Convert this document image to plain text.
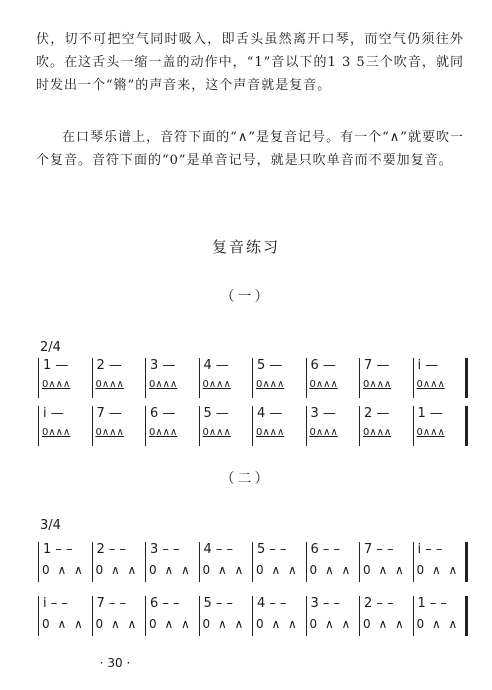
伏，切不可把空气同时吸入，即舌头虽然离开口琴，而空气仍须往外吹。在这舌头一缩一盖的动作中，“1”音以下的1 3 5三个吹音，就同时发出一个“锵”的声音来，这个声音就是复音。

在口琴乐谱上，音符下面的“∧”是复音记号。有一个“∧”就要吹一个复音。音符下面的“0”是单音记号，就是只吹单音而不要加复音。

复音练习
（一）
2/4
1 —
0∧∧∧
2 —
0∧∧∧
3 —
0∧∧∧
4 —
0∧∧∧
5 —
0∧∧∧
6 —
0∧∧∧
7 —
0∧∧∧
i —
0∧∧∧
i —
0∧∧∧
7 —
0∧∧∧
6 —
0∧∧∧
5 —
0∧∧∧
4 —
0∧∧∧
3 —
0∧∧∧
2 —
0∧∧∧
1 —
0∧∧∧
（二）
3/4
1 – –
0 ∧ ∧
2 – –
0 ∧ ∧
3 – –
0 ∧ ∧
4 – –
0 ∧ ∧
5 – –
0 ∧ ∧
6 – –
0 ∧ ∧
7 – –
0 ∧ ∧
i – –
0 ∧ ∧
i – –
0 ∧ ∧
7 – –
0 ∧ ∧
6 – –
0 ∧ ∧
5 – –
0 ∧ ∧
4 – –
0 ∧ ∧
3 – –
0 ∧ ∧
2 – –
0 ∧ ∧
1 – –
0 ∧ ∧
· 30 ·
